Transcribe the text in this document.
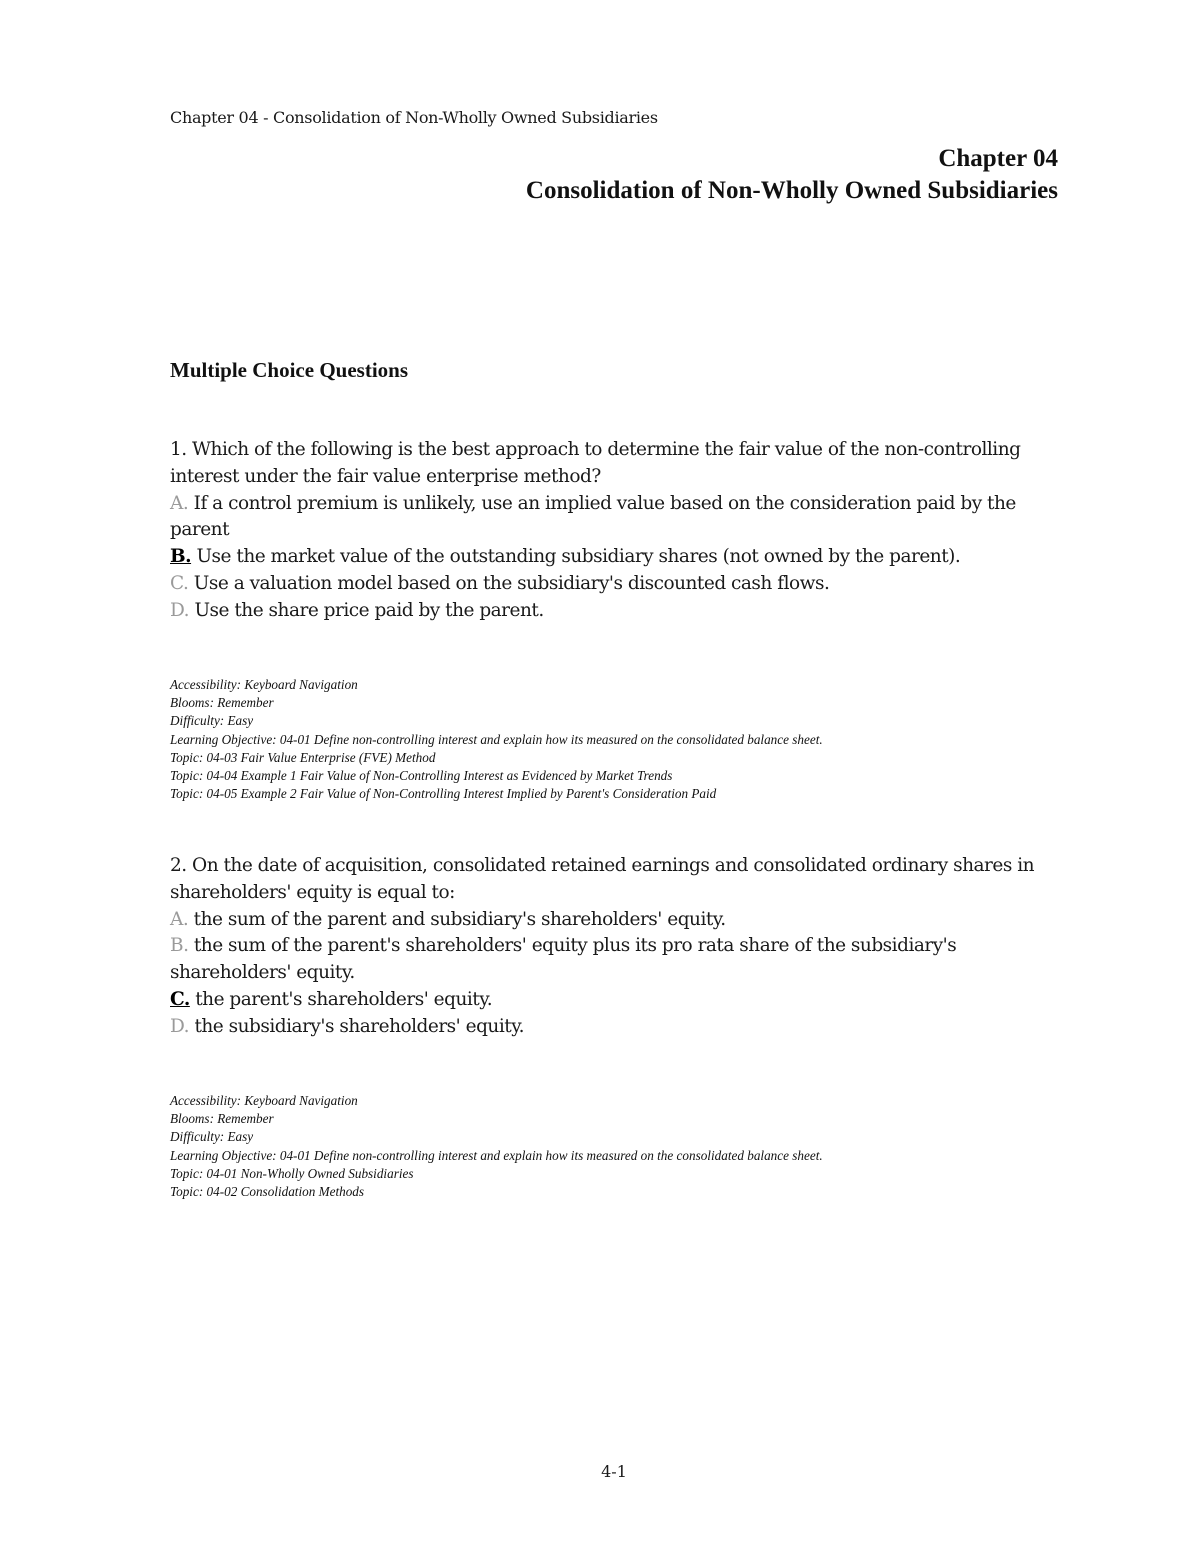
Chapter 04 - Consolidation of Non-Wholly Owned Subsidiaries
Chapter 04
Consolidation of Non-Wholly Owned Subsidiaries
Multiple Choice Questions
1. Which of the following is the best approach to determine the fair value of the non-controlling interest under the fair value enterprise method?
A. If a control premium is unlikely, use an implied value based on the consideration paid by the parent
B. Use the market value of the outstanding subsidiary shares (not owned by the parent).
C. Use a valuation model based on the subsidiary's discounted cash flows.
D. Use the share price paid by the parent.
Accessibility: Keyboard Navigation
Blooms: Remember
Difficulty: Easy
Learning Objective: 04-01 Define non-controlling interest and explain how its measured on the consolidated balance sheet.
Topic: 04-03 Fair Value Enterprise (FVE) Method
Topic: 04-04 Example 1 Fair Value of Non-Controlling Interest as Evidenced by Market Trends
Topic: 04-05 Example 2 Fair Value of Non-Controlling Interest Implied by Parent's Consideration Paid
2. On the date of acquisition, consolidated retained earnings and consolidated ordinary shares in shareholders' equity is equal to:
A. the sum of the parent and subsidiary's shareholders' equity.
B. the sum of the parent's shareholders' equity plus its pro rata share of the subsidiary's shareholders' equity.
C. the parent's shareholders' equity.
D. the subsidiary's shareholders' equity.
Accessibility: Keyboard Navigation
Blooms: Remember
Difficulty: Easy
Learning Objective: 04-01 Define non-controlling interest and explain how its measured on the consolidated balance sheet.
Topic: 04-01 Non-Wholly Owned Subsidiaries
Topic: 04-02 Consolidation Methods
4-1
